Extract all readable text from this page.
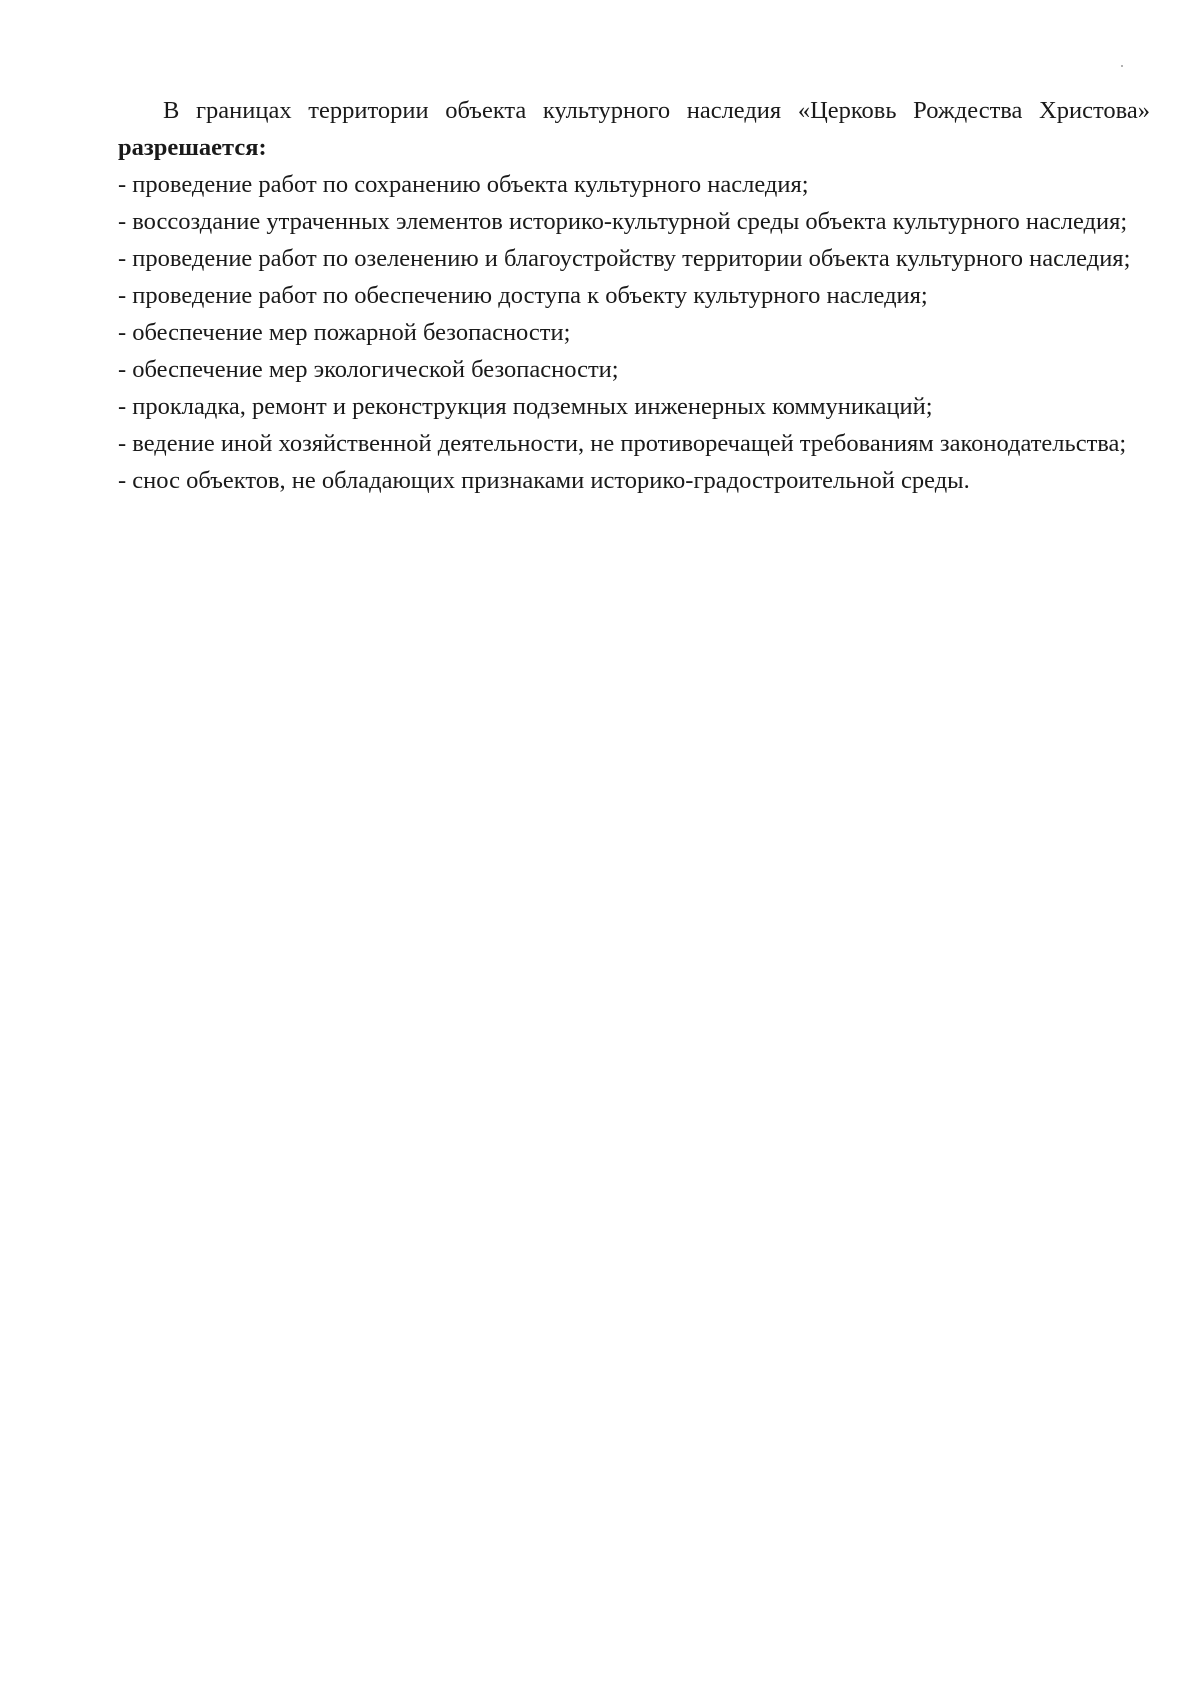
В границах территории объекта культурного наследия «Церковь Рождества Христова» разрешается:

- проведение работ по сохранению объекта культурного наследия;

- воссоздание утраченных элементов историко-культурной среды объекта культурного наследия;

- проведение работ по озеленению и благоустройству территории объекта культурного наследия;

- проведение работ по обеспечению доступа к объекту культурного наследия;

- обеспечение мер пожарной безопасности;

- обеспечение мер экологической безопасности;

- прокладка, ремонт и реконструкция подземных инженерных коммуникаций;

- ведение иной хозяйственной деятельности, не противоречащей требованиям законодательства;

- снос объектов, не обладающих признаками историко-градостроительной среды.
